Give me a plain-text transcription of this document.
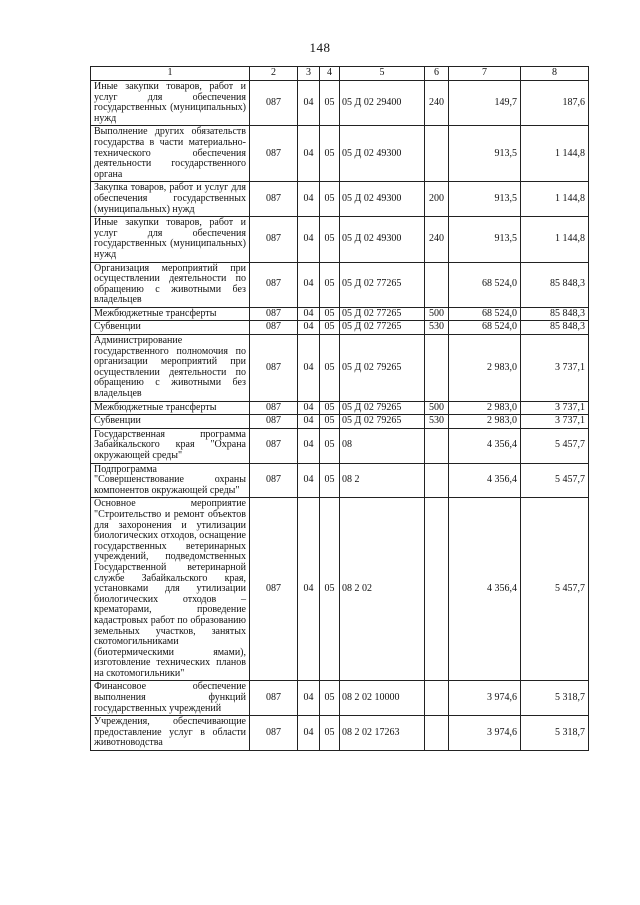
148
1	2	3	4	5	6	7	8
Иные закупки товаров, работ и услуг для обеспечения государственных (муниципальных) нужд	087	04	05	05 Д 02 29400	240	149,7	187,6
Выполнение других обязательств государства в части материально-технического обеспечения деятельности государственного органа	087	04	05	05 Д 02 49300		913,5	1 144,8
Закупка товаров, работ и услуг для обеспечения государственных (муниципальных) нужд	087	04	05	05 Д 02 49300	200	913,5	1 144,8
Иные закупки товаров, работ и услуг для обеспечения государственных (муниципальных) нужд	087	04	05	05 Д 02 49300	240	913,5	1 144,8
Организация мероприятий при осуществлении деятельности по обращению с животными без владельцев	087	04	05	05 Д 02 77265		68 524,0	85 848,3
Межбюджетные трансферты	087	04	05	05 Д 02 77265	500	68 524,0	85 848,3
Субвенции	087	04	05	05 Д 02 77265	530	68 524,0	85 848,3
Администрирование государственного полномочия по организации мероприятий при осуществлении деятельности по обращению с животными без владельцев	087	04	05	05 Д 02 79265		2 983,0	3 737,1
Межбюджетные трансферты	087	04	05	05 Д 02 79265	500	2 983,0	3 737,1
Субвенции	087	04	05	05 Д 02 79265	530	2 983,0	3 737,1
Государственная программа Забайкальского края "Охрана окружающей среды"	087	04	05	08		4 356,4	5 457,7
Подпрограмма "Совершенствование охраны компонентов окружающей среды"	087	04	05	08 2		4 356,4	5 457,7
Основное мероприятие "Строительство и ремонт объектов для захоронения и утилизации биологических отходов, оснащение государственных ветеринарных учреждений, подведомственных Государственной ветеринарной службе Забайкальского края, установками для утилизации биологических отходов – крематорами, проведение кадастровых работ по образованию земельных участков, занятых скотомогильниками (биотермическими ямами), изготовление технических планов на скотомогильники"	087	04	05	08 2 02		4 356,4	5 457,7
Финансовое обеспечение выполнения функций государственных учреждений	087	04	05	08 2 02 10000		3 974,6	5 318,7
Учреждения, обеспечивающие предоставление услуг в области животноводства	087	04	05	08 2 02 17263		3 974,6	5 318,7
